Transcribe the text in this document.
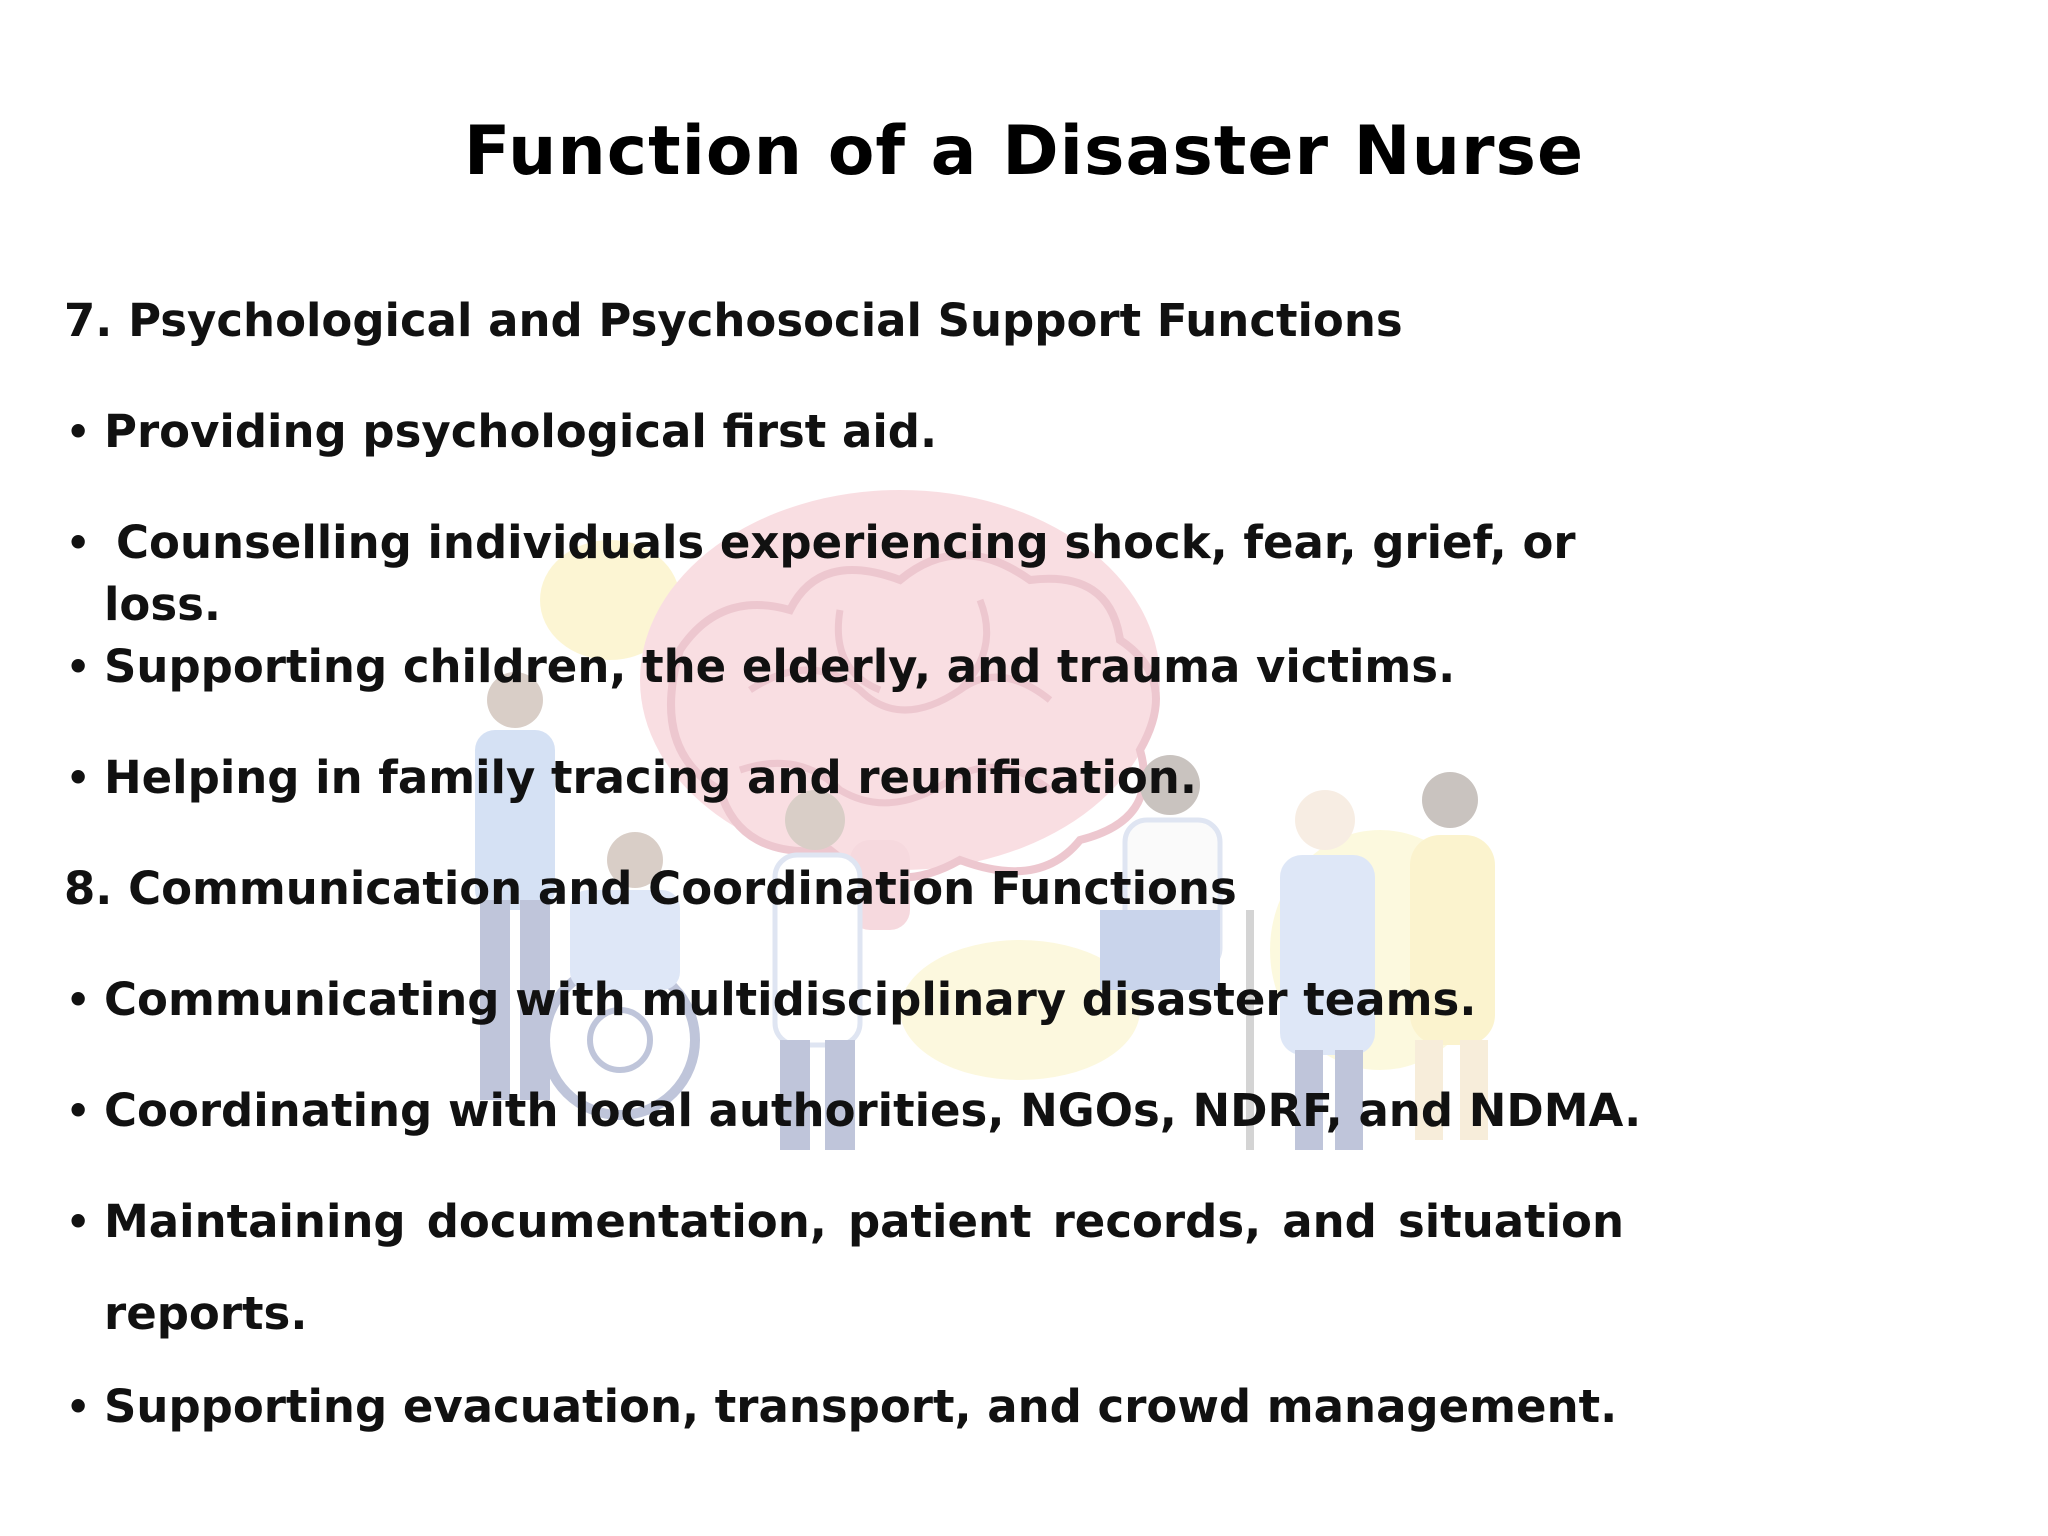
Function of a Disaster Nurse
7. Psychological and Psychosocial Support Functions
• Providing psychological first aid.
• Counselling individuals experiencing shock, fear, grief, or loss.
• Supporting children, the elderly, and trauma victims.
• Helping in family tracing and reunification.
8. Communication and Coordination Functions
• Communicating with multidisciplinary disaster teams.
• Coordinating with local authorities, NGOs, NDRF, and NDMA.
• Maintaining documentation, patient records, and situation reports.
• Supporting evacuation, transport, and crowd management.
